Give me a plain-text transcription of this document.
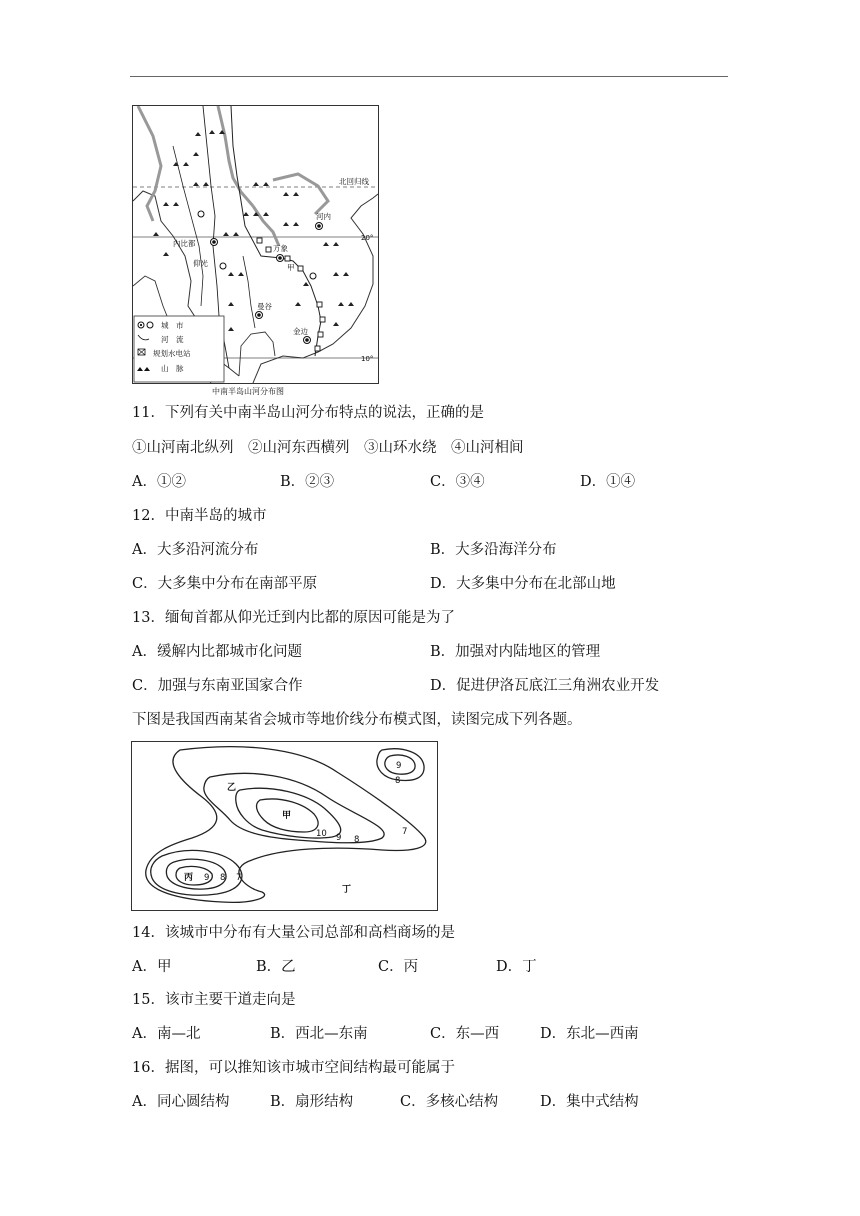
北回归线
河内
20°
内比都
万象
甲
仰光
曼谷
金边
10°
城　市
河　流
规划水电站
山　脉
中南半岛山河分布图
11．下列有关中南半岛山河分布特点的说法，正确的是
①山河南北纵列　②山河东西横列　③山环水绕　④山河相间
A．①②	B．②③	C．③④	D．①④
12．中南半岛的城市
A．大多沿河流分布	B．大多沿海洋分布
C．大多集中分布在南部平原	D．大多集中分布在北部山地
13．缅甸首都从仰光迁到内比都的原因可能是为了
A．缓解内比都城市化问题	B．加强对内陆地区的管理
C．加强与东南亚国家合作	D．促进伊洛瓦底江三角洲农业开发
下图是我国西南某省会城市等地价线分布模式图，读图完成下列各题。
甲
乙
丙
丁
10 9 8
7
9 8 7
9
8
14．该城市中分布有大量公司总部和高档商场的是
A．甲	B．乙	C．丙	D．丁
15．该市主要干道走向是
A．南—北	B．西北—东南	C．东—西	D．东北—西南
16．据图，可以推知该市城市空间结构最可能属于
A．同心圆结构	B．扇形结构	C．多核心结构	D．集中式结构
